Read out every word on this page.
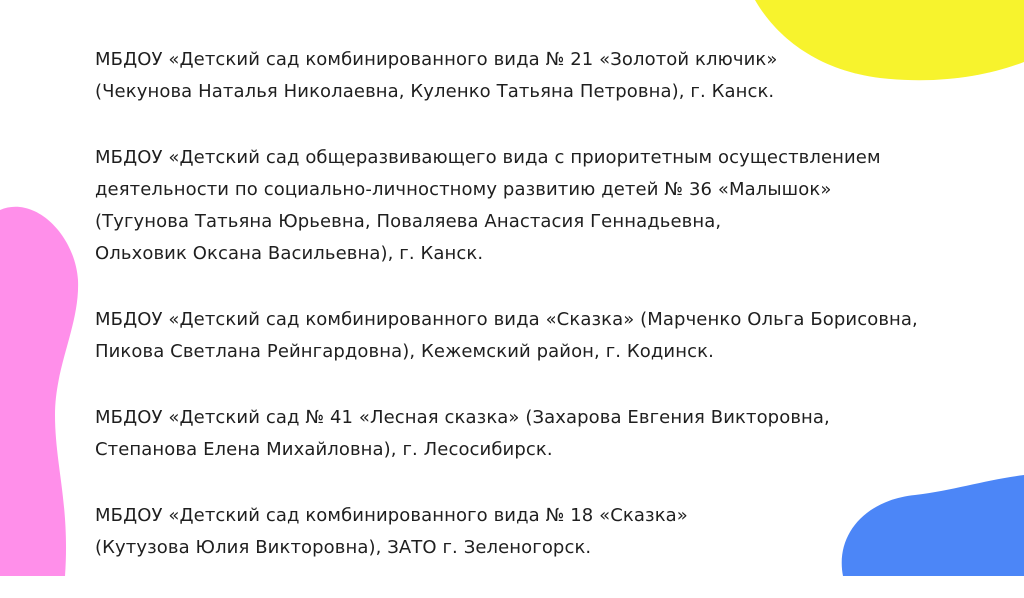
МБДОУ «Детский сад комбинированного вида № 21 «Золотой ключик»
(Чекунова Наталья Николаевна, Куленко Татьяна Петровна), г. Канск.
МБДОУ «Детский сад общеразвивающего вида с приоритетным осуществлением
деятельности по социально-личностному развитию детей № 36 «Малышок»
(Тугунова Татьяна Юрьевна, Поваляева Анастасия Геннадьевна,
Ольховик Оксана Васильевна), г. Канск.
МБДОУ «Детский сад комбинированного вида «Сказка» (Марченко Ольга Борисовна,
Пикова Светлана Рейнгардовна), Кежемский район, г. Кодинск.
МБДОУ «Детский сад № 41 «Лесная сказка» (Захарова Евгения Викторовна,
Степанова Елена Михайловна), г. Лесосибирск.
МБДОУ «Детский сад комбинированного вида № 18 «Сказка»
(Кутузова Юлия Викторовна), ЗАТО г. Зеленогорск.
